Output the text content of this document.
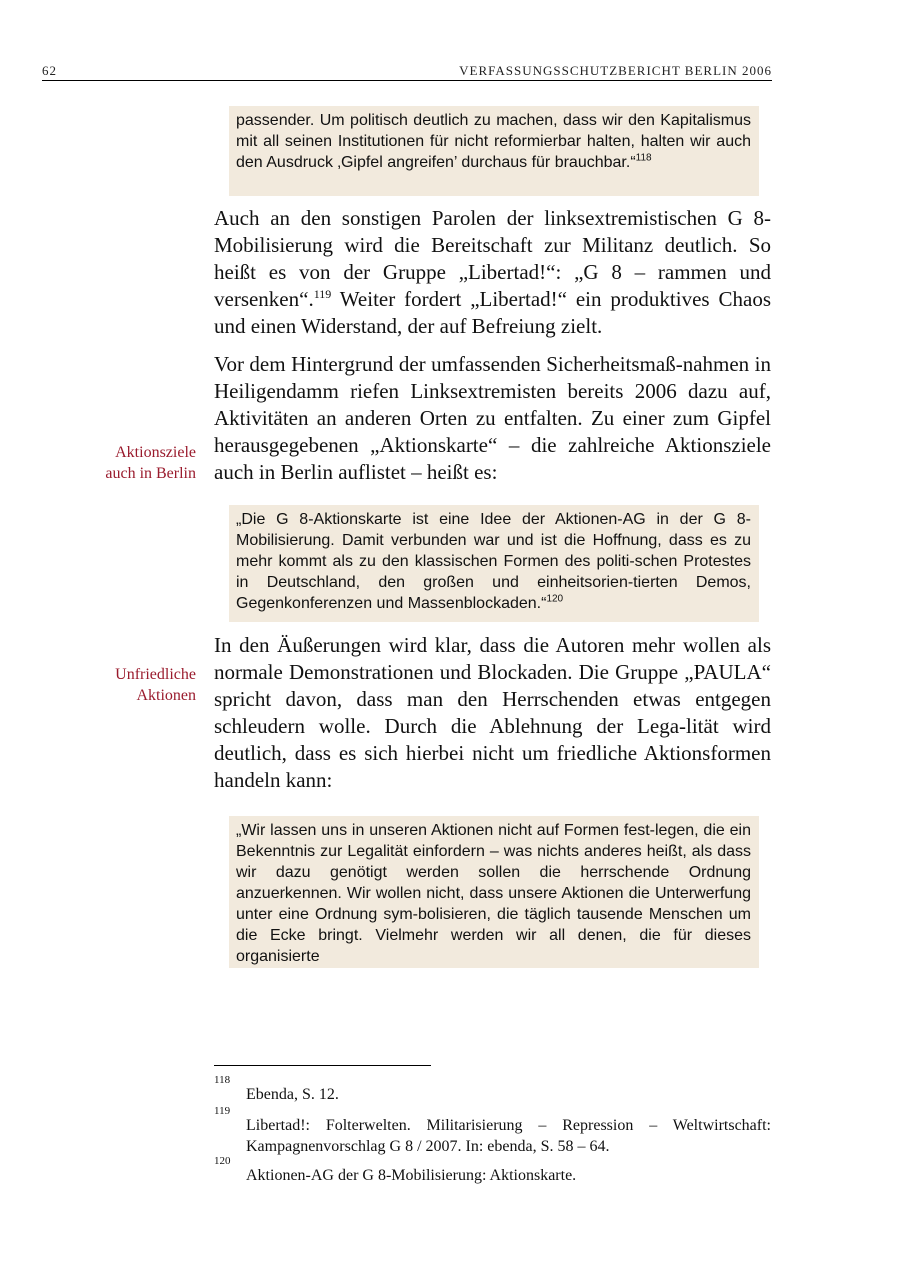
62	VERFASSUNGSSCHUTZBERICHT BERLIN 2006

passender. Um politisch deutlich zu machen, dass wir den Kapitalismus mit all seinen Institutionen für nicht reformierbar halten, halten wir auch den Ausdruck ‚Gipfel angreifen’ durchaus für brauchbar.“$^{118}$

Auch an den sonstigen Parolen der linksextremistischen G 8-Mobilisierung wird die Bereitschaft zur Militanz deutlich. So heißt es von der Gruppe „Libertad!“: „G 8 – rammen und versenken“.$^{119}$ Weiter fordert „Libertad!“ ein produktives Chaos und einen Widerstand, der auf Befreiung zielt.

Vor dem Hintergrund der umfassenden Sicherheitsmaß-nahmen in Heiligendamm riefen Linksextremisten bereits 2006 dazu auf, Aktivitäten an anderen Orten zu entfalten. Zu einer zum Gipfel herausgegebenen „Aktionskarte“ – die zahlreiche Aktionsziele auch in Berlin auflistet – heißt es:

Aktionsziele
auch in Berlin

„Die G 8-Aktionskarte ist eine Idee der Aktionen-AG in der G 8-Mobilisierung. Damit verbunden war und ist die Hoffnung, dass es zu mehr kommt als zu den klassischen Formen des politi-schen Protestes in Deutschland, den großen und einheitsorien-tierten Demos, Gegenkonferenzen und Massenblockaden.“$^{120}$

In den Äußerungen wird klar, dass die Autoren mehr wollen als normale Demonstrationen und Blockaden. Die Gruppe „PAULA“ spricht davon, dass man den Herrschenden etwas entgegen schleudern wolle. Durch die Ablehnung der Lega-lität wird deutlich, dass es sich hierbei nicht um friedliche Aktionsformen handeln kann:

Unfriedliche
Aktionen

„Wir lassen uns in unseren Aktionen nicht auf Formen fest-legen, die ein Bekenntnis zur Legalität einfordern – was nichts anderes heißt, als dass wir dazu genötigt werden sollen die herrschende Ordnung anzuerkennen. Wir wollen nicht, dass unsere Aktionen die Unterwerfung unter eine Ordnung sym-bolisieren, die täglich tausende Menschen um die Ecke bringt. Vielmehr werden wir all denen, die für dieses organisierte

118
Ebenda, S. 12.
119
Libertad!: Folterwelten. Militarisierung – Repression – Weltwirtschaft: Kampagnenvorschlag G 8 / 2007. In: ebenda, S. 58 – 64.
120
Aktionen-AG der G 8-Mobilisierung: Aktionskarte.
